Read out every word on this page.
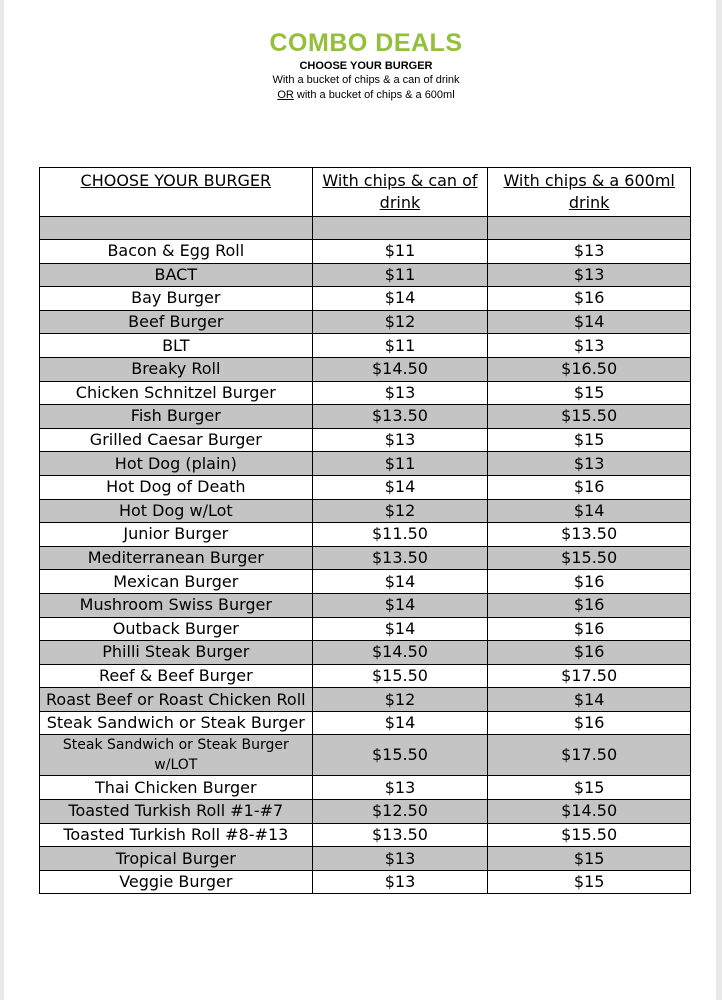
COMBO DEALS
CHOOSE YOUR BURGER
With a bucket of chips & a can of drink
OR with a bucket of chips & a 600ml
CHOOSE YOUR BURGER	With chips & can of drink	With chips & a 600ml drink

Bacon & Egg Roll	$11	$13
BACT	$11	$13
Bay Burger	$14	$16
Beef Burger	$12	$14
BLT	$11	$13
Breaky Roll	$14.50	$16.50
Chicken Schnitzel Burger	$13	$15
Fish Burger	$13.50	$15.50
Grilled Caesar Burger	$13	$15
Hot Dog (plain)	$11	$13
Hot Dog of Death	$14	$16
Hot Dog w/Lot	$12	$14
Junior Burger	$11.50	$13.50
Mediterranean Burger	$13.50	$15.50
Mexican Burger	$14	$16
Mushroom Swiss Burger	$14	$16
Outback Burger	$14	$16
Philli Steak Burger	$14.50	$16
Reef & Beef Burger	$15.50	$17.50
Roast Beef or Roast Chicken Roll	$12	$14
Steak Sandwich or Steak Burger	$14	$16
Steak Sandwich or Steak Burger w/LOT	$15.50	$17.50
Thai Chicken Burger	$13	$15
Toasted Turkish Roll #1-#7	$12.50	$14.50
Toasted Turkish Roll #8-#13	$13.50	$15.50
Tropical Burger	$13	$15
Veggie Burger	$13	$15
